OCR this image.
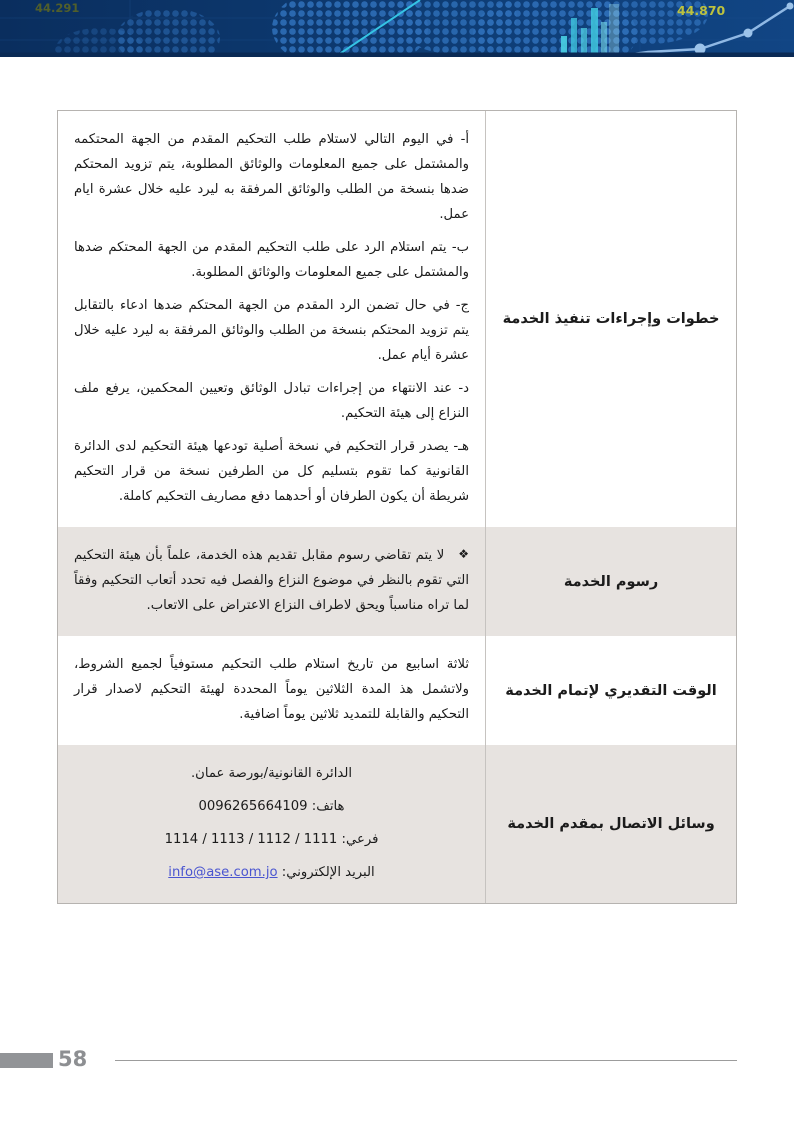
44.291	44.870
خطوات وإجراءات تنفيذ الخدمة

أ- في اليوم التالي لاستلام طلب التحكيم المقدم من الجهة المحتكمه والمشتمل على جميع المعلومات والوثائق المطلوبة، يتم تزويد المحتكم ضدها بنسخة من الطلب والوثائق المرفقة به ليرد عليه خلال عشرة ايام عمل.

ب- يتم استلام الرد على طلب التحكيم المقدم من الجهة المحتكم ضدها والمشتمل على جميع المعلومات والوثائق المطلوبة.

ج- في حال تضمن الرد المقدم من الجهة المحتكم ضدها ادعاء بالتقابل يتم تزويد المحتكم بنسخة من الطلب والوثائق المرفقة به ليرد عليه خلال عشرة أيام عمل.

د- عند الانتهاء من إجراءات تبادل الوثائق وتعيين المحكمين، يرفع ملف النزاع إلى هيئة التحكيم.

هـ- يصدر قرار التحكيم في نسخة أصلية تودعها هيئة التحكيم لدى الدائرة القانونية كما تقوم بتسليم كل من الطرفين نسخة من قرار التحكيم شريطة أن يكون الطرفان أو أحدهما دفع مصاريف التحكيم كاملة.

رسوم الخدمة

❖لا يتم تقاضي رسوم مقابل تقديم هذه الخدمة، علماً بأن هيئة التحكيم التي تقوم بالنظر في موضوع النزاع والفصل فيه تحدد أتعاب التحكيم وفقاً لما تراه مناسباً ويحق لاطراف النزاع الاعتراض على الاتعاب.

الوقت التقديري لإتمام الخدمة

ثلاثة اسابيع من تاريخ استلام طلب التحكيم مستوفياً لجميع الشروط، ولاتشمل هذ المدة الثلاثين يوماً المحددة لهيئة التحكيم لاصدار قرار التحكيم والقابلة للتمديد ثلاثين يوماً اضافية.

وسائل الاتصال بمقدم الخدمة

الدائرة القانونية/بورصة عمان.

هاتف: 0096265664109

فرعي: 1111 / 1112 / 1113 / 1114

البريد الإلكتروني: info@ase.com.jo

58
